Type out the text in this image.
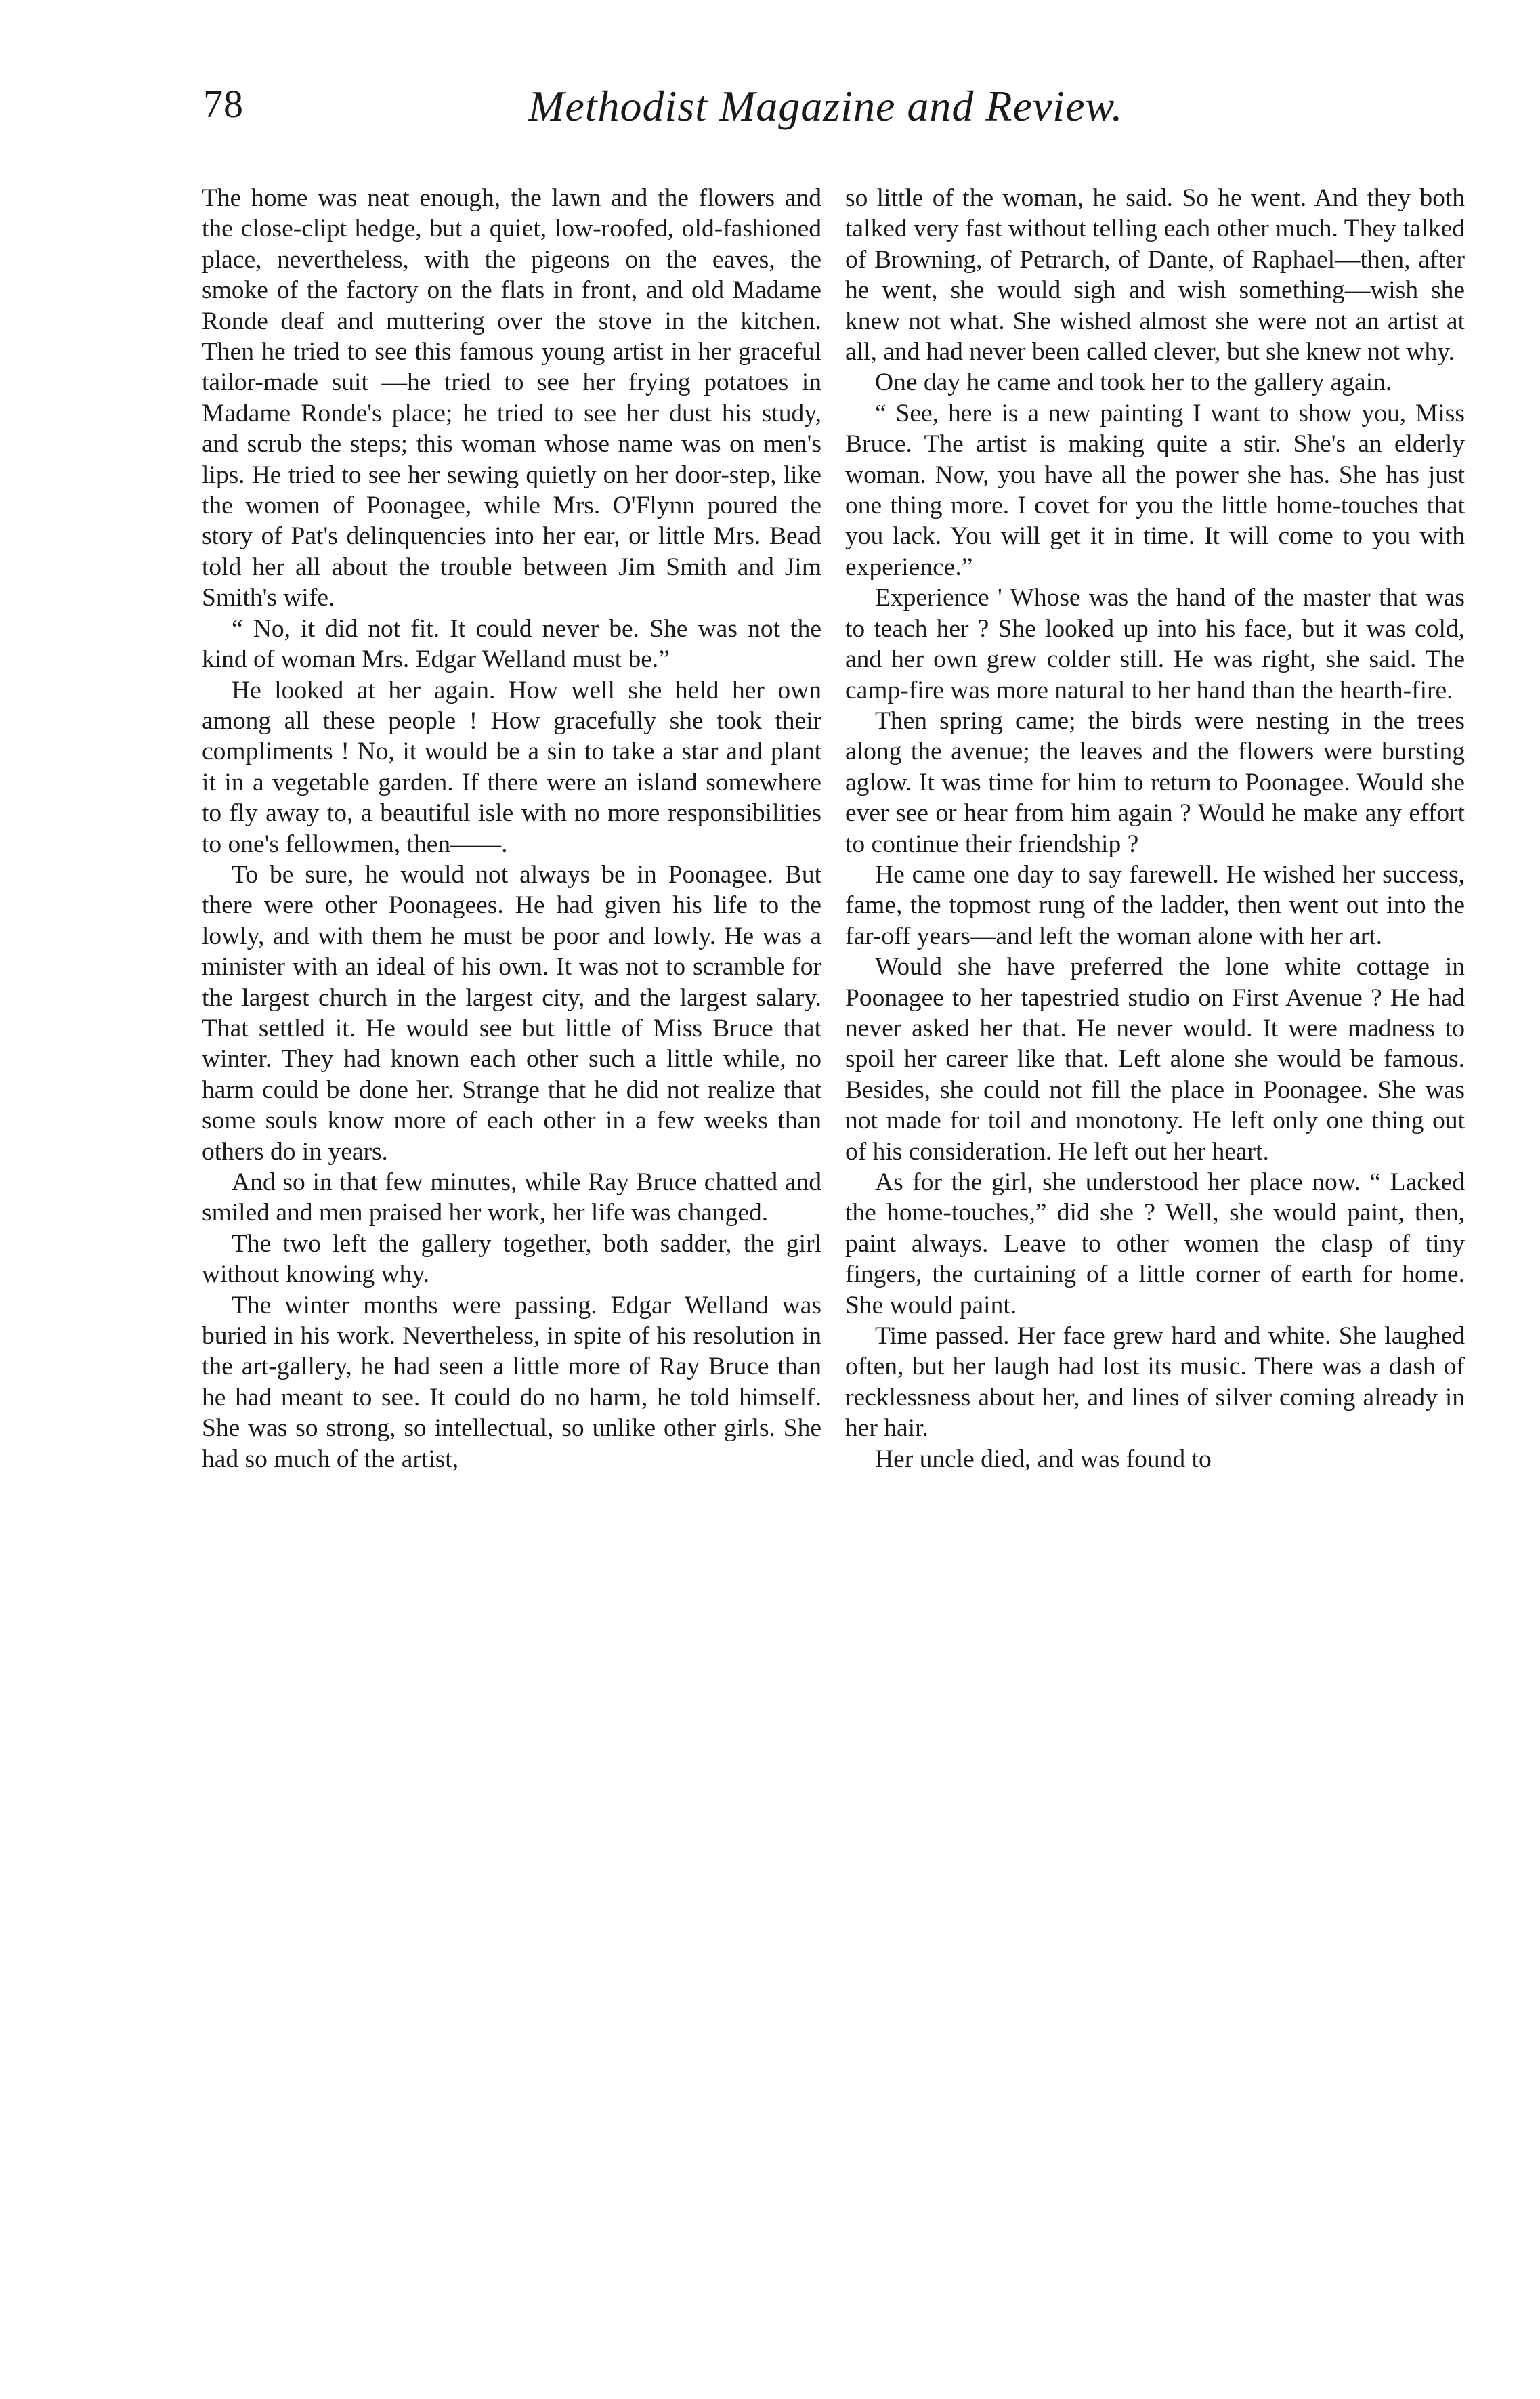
78	Methodist Magazine and Review.

The home was neat enough, the lawn and the flowers and the close-clipt hedge, but a quiet, low-roofed, old-fashioned place, nevertheless, with the pigeons on the eaves, the smoke of the factory on the flats in front, and old Madame Ronde deaf and muttering over the stove in the kitchen. Then he tried to see this famous young artist in her graceful tailor-made suit —he tried to see her frying potatoes in Madame Ronde's place; he tried to see her dust his study, and scrub the steps; this woman whose name was on men's lips. He tried to see her sewing quietly on her door-step, like the women of Poonagee, while Mrs. O'Flynn poured the story of Pat's delinquencies into her ear, or little Mrs. Bead told her all about the trouble between Jim Smith and Jim Smith's wife.

“ No, it did not fit. It could never be. She was not the kind of woman Mrs. Edgar Welland must be.”

He looked at her again. How well she held her own among all these people ! How gracefully she took their compliments ! No, it would be a sin to take a star and plant it in a vegetable garden. If there were an island somewhere to fly away to, a beautiful isle with no more responsibilities to one's fellowmen, then——.

To be sure, he would not always be in Poonagee. But there were other Poonagees. He had given his life to the lowly, and with them he must be poor and lowly. He was a minister with an ideal of his own. It was not to scramble for the largest church in the largest city, and the largest salary. That settled it. He would see but little of Miss Bruce that winter. They had known each other such a little while, no harm could be done her. Strange that he did not realize that some souls know more of each other in a few weeks than others do in years.

And so in that few minutes, while Ray Bruce chatted and smiled and men praised her work, her life was changed.

The two left the gallery together, both sadder, the girl without knowing why.

The winter months were passing. Edgar Welland was buried in his work. Nevertheless, in spite of his resolution in the art-gallery, he had seen a little more of Ray Bruce than he had meant to see. It could do no harm, he told himself. She was so strong, so intellectual, so unlike other girls. She had so much of the artist,

so little of the woman, he said. So he went. And they both talked very fast without telling each other much. They talked of Browning, of Petrarch, of Dante, of Raphael—then, after he went, she would sigh and wish something—wish she knew not what. She wished almost she were not an artist at all, and had never been called clever, but she knew not why.

One day he came and took her to the gallery again.

“ See, here is a new painting I want to show you, Miss Bruce. The artist is making quite a stir. She's an elderly woman. Now, you have all the power she has. She has just one thing more. I covet for you the little home-touches that you lack. You will get it in time. It will come to you with experience.”

Experience ' Whose was the hand of the master that was to teach her ? She looked up into his face, but it was cold, and her own grew colder still. He was right, she said. The camp-fire was more natural to her hand than the hearth-fire.

Then spring came; the birds were nesting in the trees along the avenue; the leaves and the flowers were bursting aglow. It was time for him to return to Poonagee. Would she ever see or hear from him again ? Would he make any effort to continue their friendship ?

He came one day to say farewell. He wished her success, fame, the topmost rung of the ladder, then went out into the far-off years—and left the woman alone with her art.

Would she have preferred the lone white cottage in Poonagee to her tapestried studio on First Avenue ? He had never asked her that. He never would. It were madness to spoil her career like that. Left alone she would be famous. Besides, she could not fill the place in Poonagee. She was not made for toil and monotony. He left only one thing out of his consideration. He left out her heart.

As for the girl, she understood her place now. “ Lacked the home-touches,” did she ? Well, she would paint, then, paint always. Leave to other women the clasp of tiny fingers, the curtaining of a little corner of earth for home. She would paint.

Time passed. Her face grew hard and white. She laughed often, but her laugh had lost its music. There was a dash of recklessness about her, and lines of silver coming already in her hair.

Her uncle died, and was found to
